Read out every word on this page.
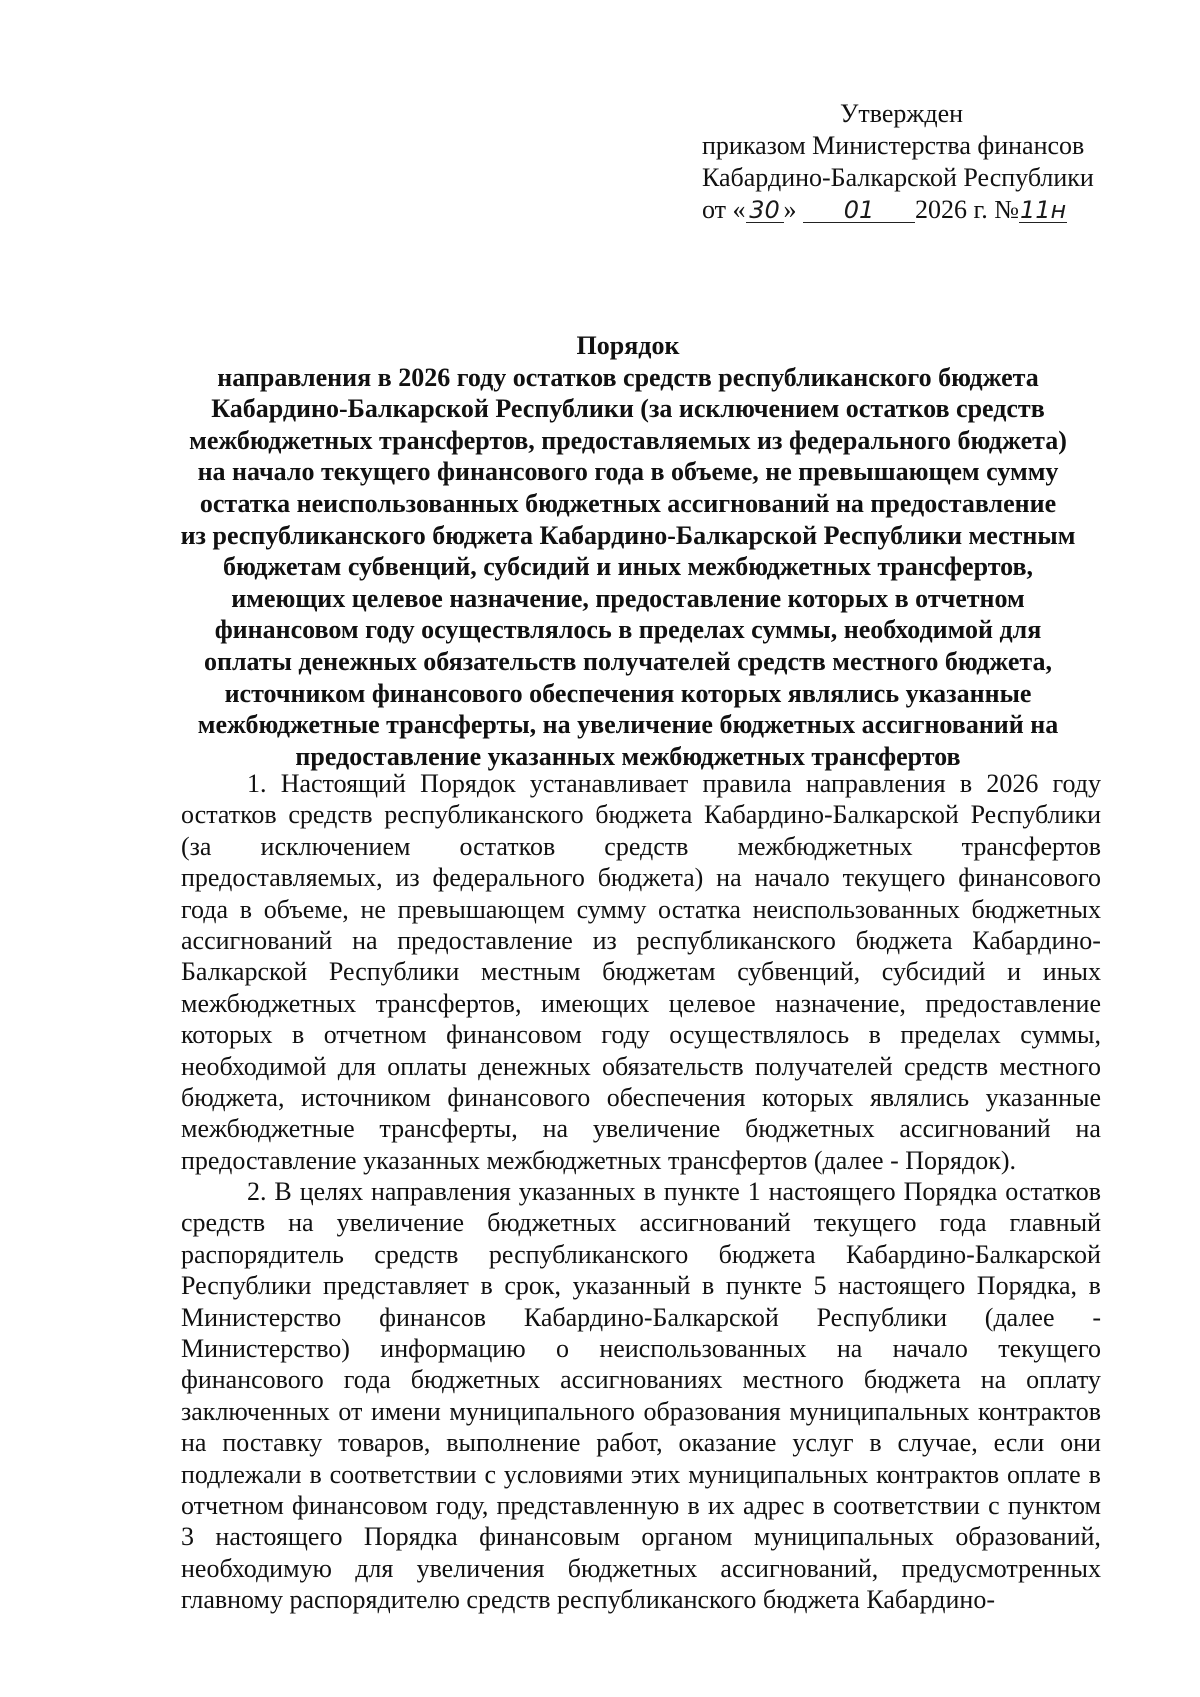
Утвержден
приказом Министерства финансов
Кабардино-Балкарской Республики
от « 30 » 01 2026 г. №11н
Порядок
направления в 2026 году остатков средств республиканского бюджета
Кабардино-Балкарской Республики (за исключением остатков средств
межбюджетных трансфертов, предоставляемых из федерального бюджета)
на начало текущего финансового года в объеме, не превышающем сумму
остатка неиспользованных бюджетных ассигнований на предоставление
из республиканского бюджета Кабардино-Балкарской Республики местным
бюджетам субвенций, субсидий и иных межбюджетных трансфертов,
имеющих целевое назначение, предоставление которых в отчетном
финансовом году осуществлялось в пределах суммы, необходимой для
оплаты денежных обязательств получателей средств местного бюджета,
источником финансового обеспечения которых являлись указанные
межбюджетные трансферты, на увеличение бюджетных ассигнований на
предоставление указанных межбюджетных трансфертов
1. Настоящий Порядок устанавливает правила направления в 2026 году
остатков средств республиканского бюджета Кабардино-Балкарской Республики
(за исключением остатков средств межбюджетных трансфертов
предоставляемых, из федерального бюджета) на начало текущего финансового
года в объеме, не превышающем сумму остатка неиспользованных бюджетных
ассигнований на предоставление из республиканского бюджета Кабардино-
Балкарской Республики местным бюджетам субвенций, субсидий и иных
межбюджетных трансфертов, имеющих целевое назначение, предоставление
которых в отчетном финансовом году осуществлялось в пределах суммы,
необходимой для оплаты денежных обязательств получателей средств местного
бюджета, источником финансового обеспечения которых являлись указанные
межбюджетные трансферты, на увеличение бюджетных ассигнований на
предоставление указанных межбюджетных трансфертов (далее - Порядок).
2. В целях направления указанных в пункте 1 настоящего Порядка остатков
средств на увеличение бюджетных ассигнований текущего года главный
распорядитель средств республиканского бюджета Кабардино-Балкарской
Республики представляет в срок, указанный в пункте 5 настоящего Порядка, в
Министерство финансов Кабардино-Балкарской Республики (далее -
Министерство) информацию о неиспользованных на начало текущего
финансового года бюджетных ассигнованиях местного бюджета на оплату
заключенных от имени муниципального образования муниципальных контрактов
на поставку товаров, выполнение работ, оказание услуг в случае, если они
подлежали в соответствии с условиями этих муниципальных контрактов оплате в
отчетном финансовом году, представленную в их адрес в соответствии с пунктом
3 настоящего Порядка финансовым органом муниципальных образований,
необходимую для увеличения бюджетных ассигнований, предусмотренных
главному распорядителю средств республиканского бюджета Кабардино-
